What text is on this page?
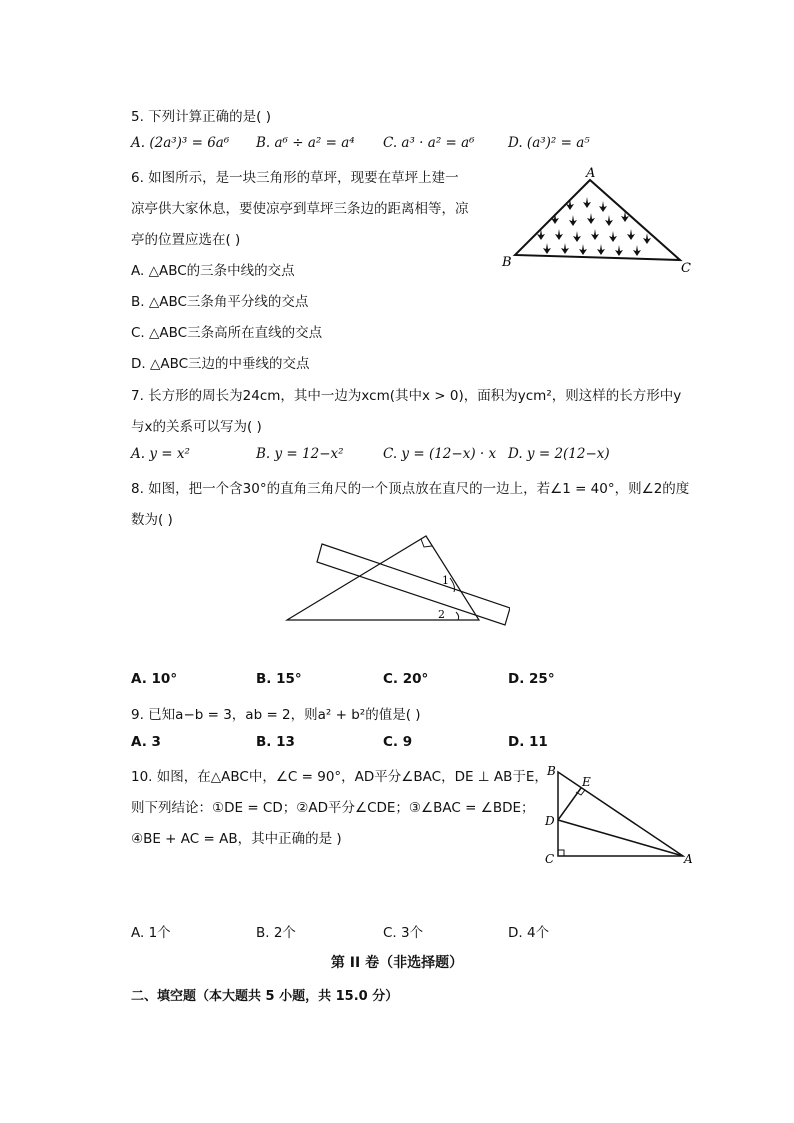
5. 下列计算正确的是( )
A. (2a³)³ = 6a⁶ B. a⁶ ÷ a² = a⁴ C. a³ · a² = a⁶ D. (a³)² = a⁵
6. 如图所示，是一块三角形的草坪，现要在草坪上建一
凉亭供大家休息，要使凉亭到草坪三条边的距离相等，凉
亭的位置应选在( )
A. △ABC的三条中线的交点
B. △ABC三条角平分线的交点
C. △ABC三条高所在直线的交点
D. △ABC三边的中垂线的交点
A
B	C
7. 长方形的周长为24cm，其中一边为xcm(其中x > 0)，面积为ycm²，则这样的长方形中y
与x的关系可以写为( )
A. y = x²	B. y = 12−x²	C. y = (12−x) · x D. y = 2(12−x)
8. 如图，把一个含30°的直角三角尺的一个顶点放在直尺的一边上，若∠1 = 40°，则∠2的度
数为( )
1
2
A. 10°	B. 15°	C. 20°	D. 25°
9. 已知a−b = 3，ab = 2，则a² + b²的值是( )
A. 3	B. 13	C. 9	D. 11
10. 如图，在△ABC中，∠C = 90°，AD平分∠BAC，DE ⊥ AB于E，
则下列结论：①DE = CD；②AD平分∠CDE；③∠BAC = ∠BDE；
④BE + AC = AB，其中正确的是 )
B
E
D
C	A
A. 1个	B. 2个	C. 3个	D. 4个
第 II 卷（非选择题）
二、填空题（本大题共 5 小题，共 15.0 分）
